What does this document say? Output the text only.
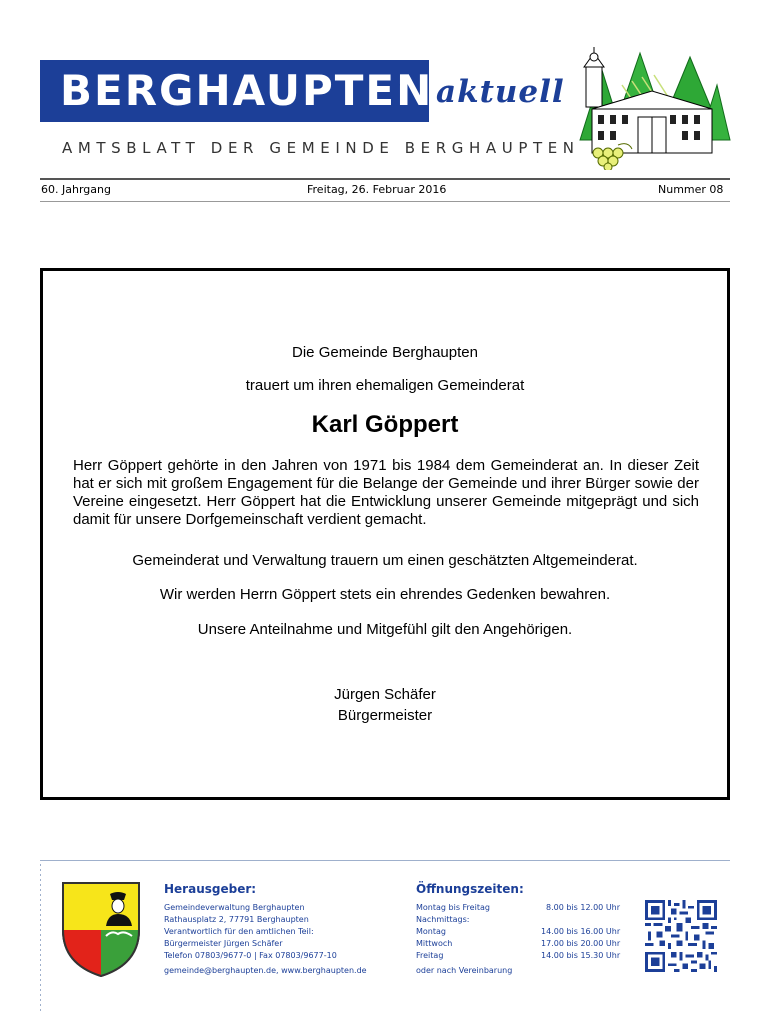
BERGHAUPTEN aktuell
AMTSBLATT DER GEMEINDE BERGHAUPTEN
60. Jahrgang	Freitag, 26. Februar 2016	Nummer 08
Die Gemeinde Berghaupten
trauert um ihren ehemaligen Gemeinderat
Karl Göppert
Herr Göppert gehörte in den Jahren von 1971 bis 1984 dem Gemeinderat an. In dieser Zeit hat er sich mit großem Engagement für die Belange der Gemeinde und ihrer Bürger sowie der Vereine eingesetzt. Herr Göppert hat die Entwicklung unserer Gemeinde mitgeprägt und sich damit für unsere Dorfgemeinschaft verdient gemacht.
Gemeinderat und Verwaltung trauern um einen geschätzten Altgemeinderat.
Wir werden Herrn Göppert stets ein ehrendes Gedenken bewahren.
Unsere Anteilnahme und Mitgefühl gilt den Angehörigen.
Jürgen Schäfer
Bürgermeister
Herausgeber:
Gemeindeverwaltung Berghaupten
Rathausplatz 2, 77791 Berghaupten
Verantwortlich für den amtlichen Teil:
Bürgermeister Jürgen Schäfer
Telefon 07803/9677-0 | Fax 07803/9677-10
gemeinde@berghaupten.de, www.berghaupten.de
Öffnungszeiten:
Montag bis Freitag	8.00 bis 12.00 Uhr
Nachmittags:
Montag	14.00 bis 16.00 Uhr
Mittwoch	17.00 bis 20.00 Uhr
Freitag	14.00 bis 15.30 Uhr
oder nach Vereinbarung
